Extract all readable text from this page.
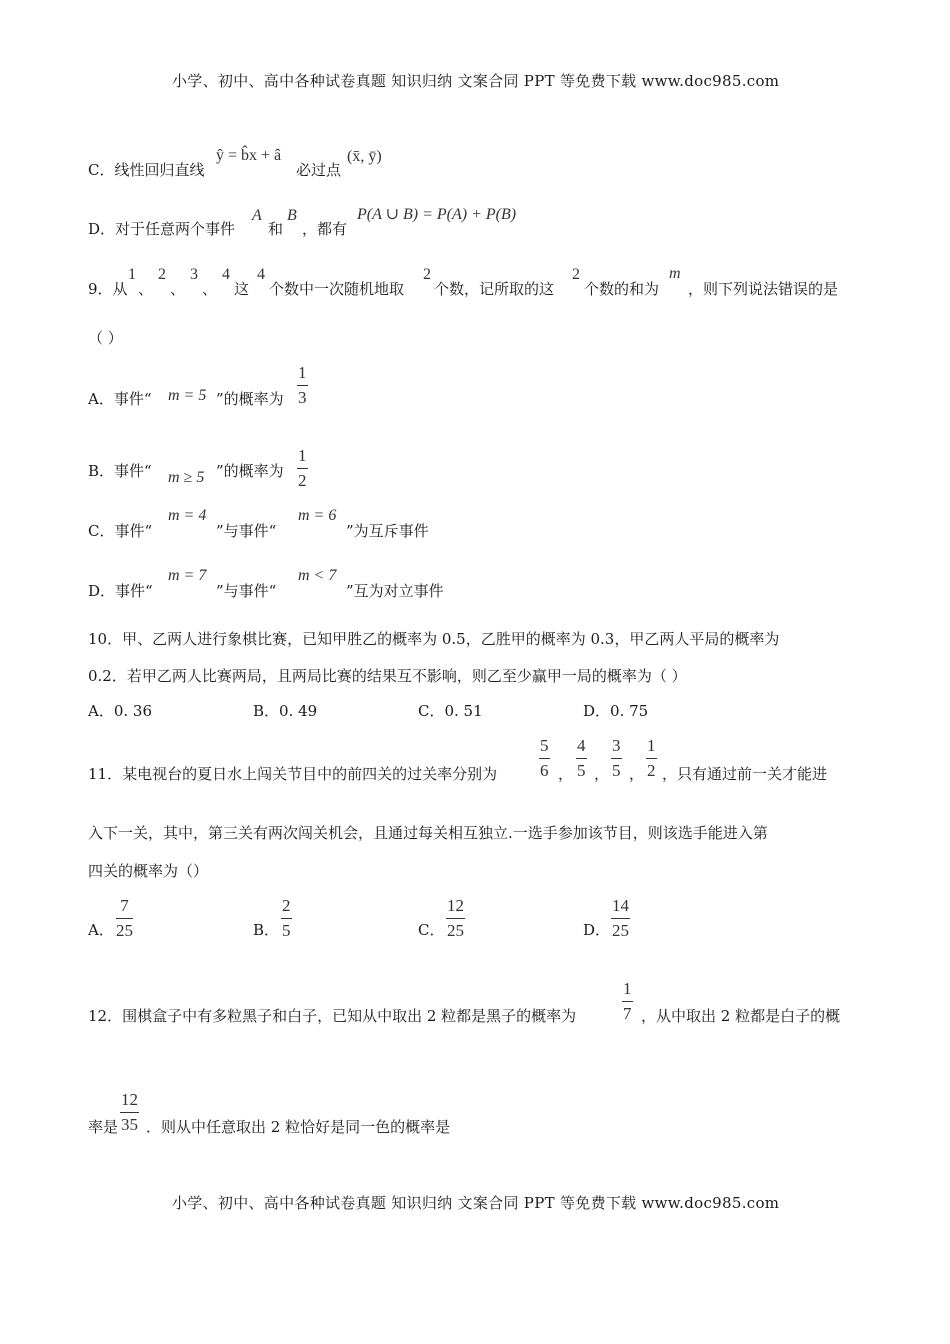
小学、初中、高中各种试卷真题 知识归纳 文案合同 PPT 等免费下载 www.doc985.com
C．线性回归直线
ŷ = b̂x + â
必过点
(x̄, ȳ)
D．对于任意两个事件
A
和
B
，都有
P(A ∪ B) = P(A) + P(B)
9．从
1
、
2
、
3
、
4
这
4
个数中一次随机地取
2
个数，记所取的这
2
个数的和为
m
，则下列说法错误的是
（ ）
A．事件“ m = 5 ”的概率为
1
3
B．事件“ m ≥ 5 ”的概率为
1
2
C．事件“
m = 4
”与事件“
m = 6
”为互斥事件
D．事件“
m = 7
”与事件“
m < 7
”互为对立事件
10．甲、乙两人进行象棋比赛，已知甲胜乙的概率为 0.5，乙胜甲的概率为 0.3，甲乙两人平局的概率为
0.2．若甲乙两人比赛两局，且两局比赛的结果互不影响，则乙至少赢甲一局的概率为（ ）
A．0. 36	B．0. 49	C．0. 51	D．0. 75
11．某电视台的夏日水上闯关节目中的前四关的过关率分别为
5
6 ，
4
5 ，
3
5 ，
1
2 ，只有通过前一关才能进
入下一关，其中，第三关有两次闯关机会，且通过每关相互独立.一选手参加该节目，则该选手能进入第
四关的概率为（）
A．
7
25	B．
2
5	C．
12
25	D．
14
25
12．围棋盒子中有多粒黑子和白子，已知从中取出 2 粒都是黑子的概率为
1
7 ，从中取出 2 粒都是白子的概
率是
12
35 ．则从中任意取出 2 粒恰好是同一色的概率是
小学、初中、高中各种试卷真题 知识归纳 文案合同 PPT 等免费下载 www.doc985.com
